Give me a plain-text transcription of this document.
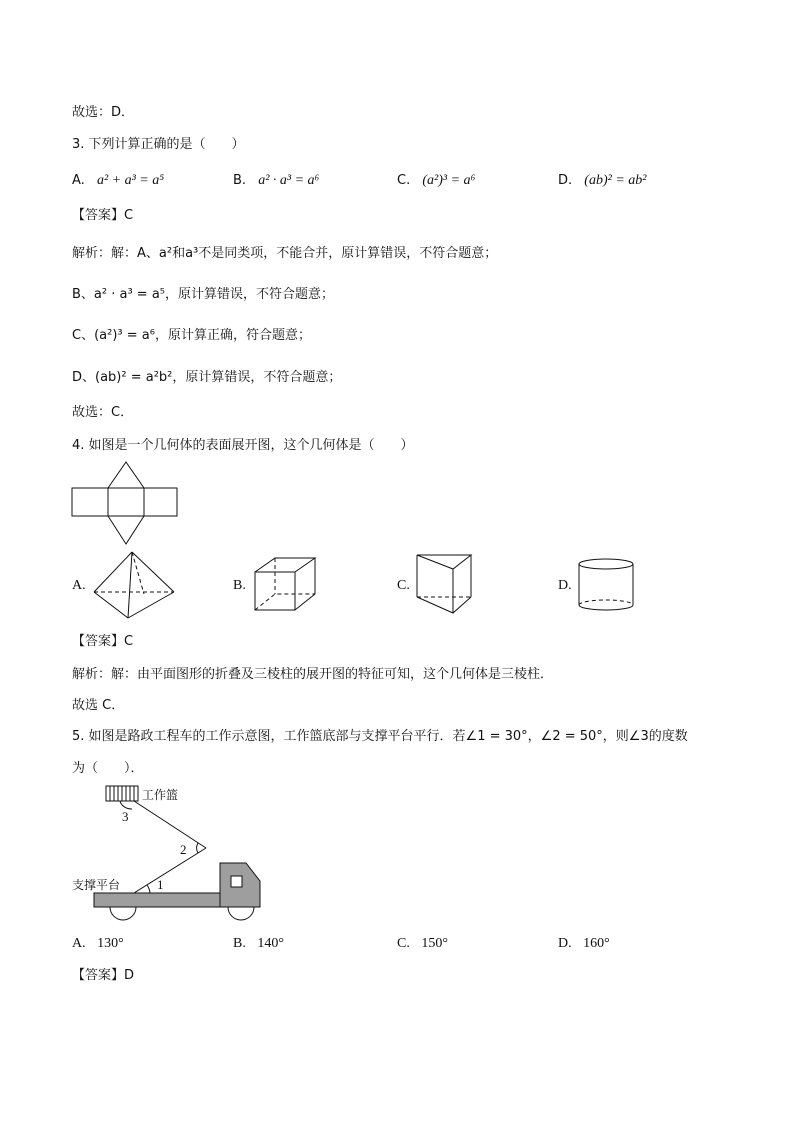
故选：D．
3. 下列计算正确的是（　　）
A. a² + a³ = a⁵	B. a² · a³ = a⁶	C. (a²)³ = a⁶	D. (ab)² = ab²
【答案】C
解析：解：A、a²和a³不是同类项，不能合并，原计算错误，不符合题意；
B、a² · a³ = a⁵，原计算错误，不符合题意；
C、(a²)³ = a⁶，原计算正确，符合题意；
D、(ab)² = a²b²，原计算错误，不符合题意；
故选：C．
4. 如图是一个几何体的表面展开图，这个几何体是（　　）
A.	B.	C.	D.
【答案】C
解析：解：由平面图形的折叠及三棱柱的展开图的特征可知，这个几何体是三棱柱．
故选 C．
5. 如图是路政工程车的工作示意图，工作篮底部与支撑平台平行．若∠1 = 30°，∠2 = 50°，则∠3的度数
为（　　）．
工作篮
支撑平台
3
2
1
A. 130°	B. 140°	C. 150°	D. 160°
【答案】D
